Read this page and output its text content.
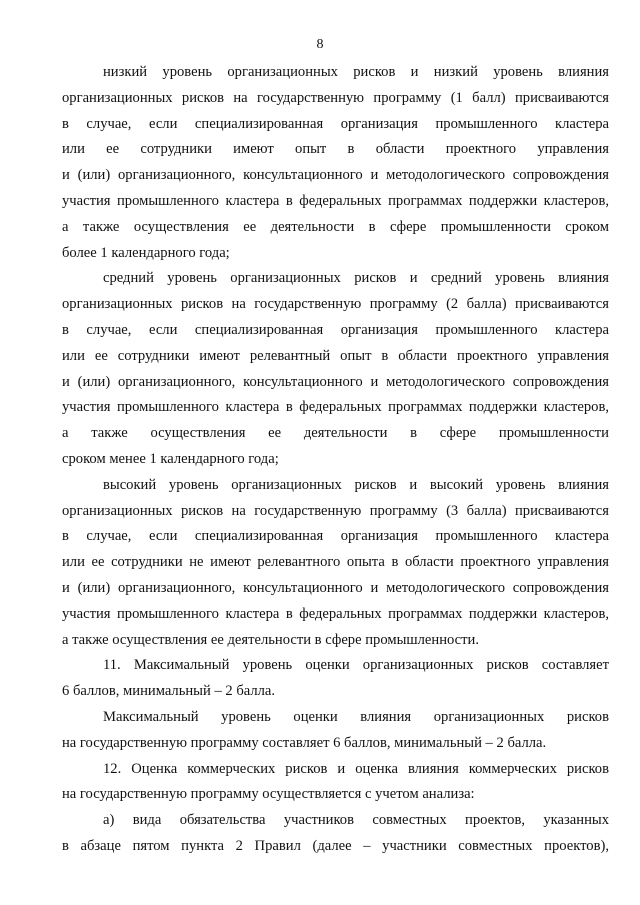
8

низкий уровень организационных рисков и низкий уровень влияния
организационных рисков на государственную программу (1 балл) присваиваются
в случае, если специализированная организация промышленного кластера
или ее сотрудники имеют опыт в области проектного управления
и (или) организационного, консультационного и методологического сопровождения
участия промышленного кластера в федеральных программах поддержки кластеров,
а также осуществления ее деятельности в сфере промышленности сроком
более 1 календарного года;

средний уровень организационных рисков и средний уровень влияния
организационных рисков на государственную программу (2 балла) присваиваются
в случае, если специализированная организация промышленного кластера
или ее сотрудники имеют релевантный опыт в области проектного управления
и (или) организационного, консультационного и методологического сопровождения
участия промышленного кластера в федеральных программах поддержки кластеров,
а также осуществления ее деятельности в сфере промышленности
сроком менее 1 календарного года;

высокий уровень организационных рисков и высокий уровень влияния
организационных рисков на государственную программу (3 балла) присваиваются
в случае, если специализированная организация промышленного кластера
или ее сотрудники не имеют релевантного опыта в области проектного управления
и (или) организационного, консультационного и методологического сопровождения
участия промышленного кластера в федеральных программах поддержки кластеров,
а также осуществления ее деятельности в сфере промышленности.

11. Максимальный уровень оценки организационных рисков составляет
6 баллов, минимальный – 2 балла.

Максимальный уровень оценки влияния организационных рисков
на государственную программу составляет 6 баллов, минимальный – 2 балла.

12. Оценка коммерческих рисков и оценка влияния коммерческих рисков
на государственную программу осуществляется с учетом анализа:

а) вида обязательства участников совместных проектов, указанных
в абзаце пятом пункта 2 Правил (далее – участники совместных проектов),
